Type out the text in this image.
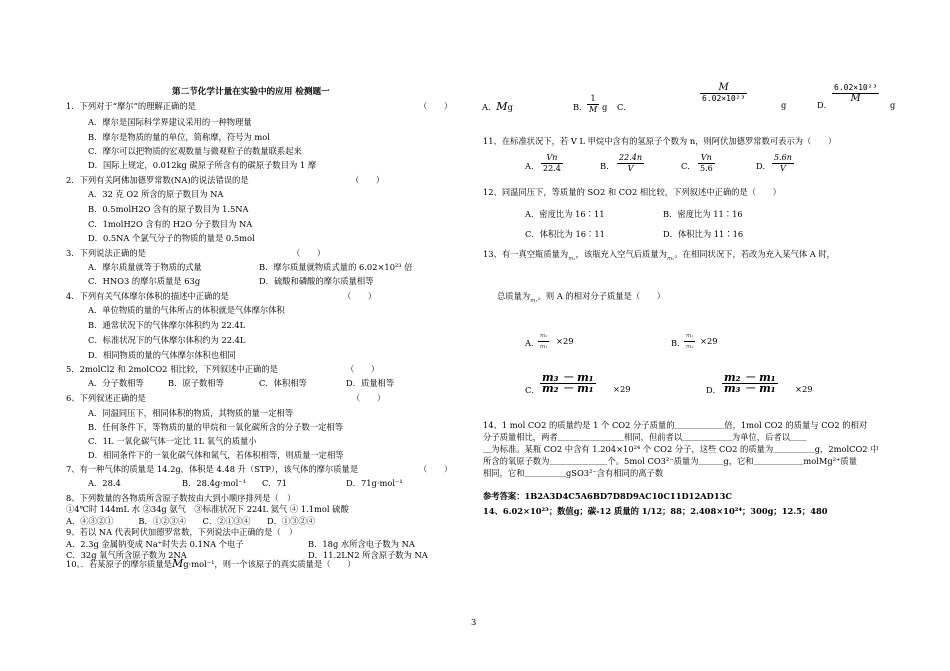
第二节化学计量在实验中的应用 检测题一
1．下列对于“摩尔”的理解正确的是	（　　）
A．摩尔是国际科学界建议采用的一种物理量
B．摩尔是物质的量的单位，简称摩，符号为 mol
C．摩尔可以把物质的宏观数量与微观粒子的数量联系起来
D．国际上规定，0.012kg 碳原子所含有的碳原子数目为 1 摩
2．下列有关阿佛加德罗常数(NA)的说法错误的是	（　　）
A．32 克 O2 所含的原子数目为 NA
B．0.5molH2O 含有的原子数目为 1.5NA
C．1molH2O 含有的 H2O 分子数目为 NA
D．0.5NA 个氯气分子的物质的量是 0.5mol
3．下列说法正确的是	（　　）
A．摩尔质量就等于物质的式量	B．摩尔质量就物质式量的 6.02×10²³ 倍
C．HNO3 的摩尔质量是 63g	D．硫酸和磷酸的摩尔质量相等
4．下列有关气体摩尔体积的描述中正确的是	（　　）
A．单位物质的量的气体所占的体积就是气体摩尔体积
B．通常状况下的气体摩尔体积约为 22.4L
C．标准状况下的气体摩尔体积约为 22.4L
D．相同物质的量的气体摩尔体积也相同
5．2molCl2 和 2molCO2 相比较，下列叙述中正确的是	（　　）
A．分子数相等	B．原子数相等	C．体积相等	D．质量相等
6、下列叙述正确的是	（　　）
A．同温同压下，相同体积的物质，其物质的量一定相等
B．任何条件下，等物质的量的甲烷和一氧化碳所含的分子数一定相等
C．1L 一氧化碳气体一定比 1L 氧气的质量小
D．相同条件下的一氧化碳气体和氮气，若体积相等，则质量一定相等
7、有一种气体的质量是 14.2g，体积是 4.48 升（STP），该气体的摩尔质量是	（　　）
A．28.4	B．28.4g·mol⁻¹ C．71	D．71g·mol⁻¹
8、下列数量的各物质所含原子数按由大到小顺序排列是（　）
①4℃时 144mL 水 ②34g 氨气　③标准状况下 224L 氦气 ④ 1.1mol 硫酸
A．④③②①　　　B．①②③④　　C．②①③④　　D．①③②④
9、若以 NA 代表阿伏加德罗常数，下列说法中正确的是（　）
A．2.3g 金属钠变成 Na⁺时失去 0.1NA 个电子	B．18g 水所含电子数为 NA
C．32g 氧气所含原子数为 2NA	D．11.2LN2 所含原子数为 NA
10、．若某原子的摩尔质量是Mg·mol⁻¹，则一个该原子的真实质量是（　　）
A．Mg	B．
1
M g C．
M
6.02×10²³
g	D．
6.02×10²³
M
g
11、在标准状况下，若 V L 甲烷中含有的氢原子个数为 n，则阿伏加德罗常数可表示为（　　）
A．
Vn
22.4	B．
22.4n
V	C．
Vn
5.6	D．
5.6n
V
12、同温同压下，等质量的 SO2 和 CO2 相比较，下列叙述中正确的是（　　）
A．密度比为 16∶11	B．密度比为 11∶16
C．体积比为 16∶11	D．体积比为 11∶16
13、有一真空瓶质量为$_{m_1}$，该瓶充入空气后质量为$_{m_2}$。在相同状况下，若改为充入某气体 A 时，
总质量为$_{m_3}$。则 A 的相对分子质量是（　　）
A．
m₂
m₁
×29	B．
m₁
m₂
×29
C．
m₃ － m₁
m₂ － m₁ ×29	D．
m₂ － m₁
m₃ － m₁ ×29
14、1 mol CO2 的质量约是 1 个 CO2 分子质量的＿＿＿＿＿＿倍，1mol CO2 的质量与 CO2 的相对
分子质量相比，两者＿＿＿＿＿＿＿＿相同，但前者以＿＿＿＿＿＿为单位，后者以＿＿
＿为标准。某瓶 CO2 中含有 1.204×10²⁴ 个 CO2 分子，这些 CO2 的质量为＿＿＿＿＿g，2molCO2 中
所含的氧原子数为＿＿＿＿＿＿＿个。5mol CO3²⁻质量为＿＿＿g，它和＿＿＿＿＿＿molMg²⁺质量
相同，它和＿＿＿＿＿gSO3²⁻含有相同的离子数
参考答案：1B2A3D4C5A6BD7D8D9AC10C11D12AD13C
14、6.02×10²³；数值g；碳-12 质量的 1/12；88；2.408×10²⁴；300g；12.5；480
3
